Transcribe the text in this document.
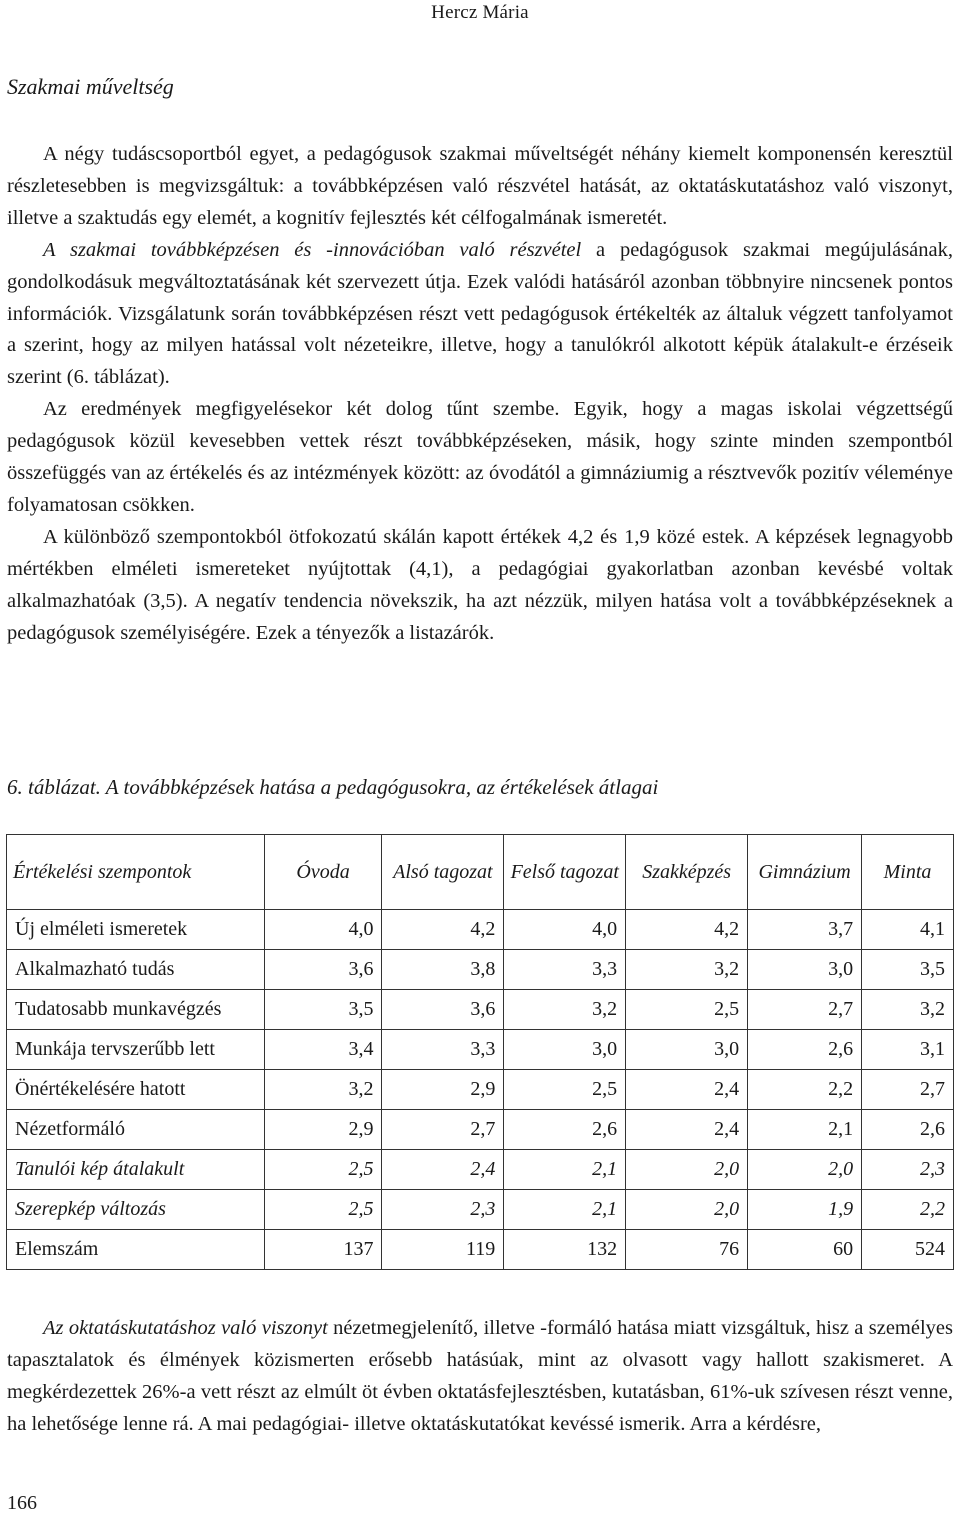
Hercz Mária
Szakmai műveltség

A négy tudáscsoportból egyet, a pedagógusok szakmai műveltségét néhány kiemelt komponensén keresztül részletesebben is megvizsgáltuk: a továbbképzésen való részvétel hatását, az oktatáskutatáshoz való viszonyt, illetve a szaktudás egy elemét, a kognitív fejlesztés két célfogalmának ismeretét.

A szakmai továbbképzésen és -innovációban való részvétel a pedagógusok szakmai megújulásának, gondolkodásuk megváltoztatásának két szervezett útja. Ezek valódi hatásáról azonban többnyire nincsenek pontos információk. Vizsgálatunk során továbbképzésen részt vett pedagógusok értékelték az általuk végzett tanfolyamot a szerint, hogy az milyen hatással volt nézeteikre, illetve, hogy a tanulókról alkotott képük átalakult-e érzéseik szerint (6. táblázat).

Az eredmények megfigyelésekor két dolog tűnt szembe. Egyik, hogy a magas iskolai végzettségű pedagógusok közül kevesebben vettek részt továbbképzéseken, másik, hogy szinte minden szempontból összefüggés van az értékelés és az intézmények között: az óvodától a gimnáziumig a résztvevők pozitív véleménye folyamatosan csökken.

A különböző szempontokból ötfokozatú skálán kapott értékek 4,2 és 1,9 közé estek. A képzések legnagyobb mértékben elméleti ismereteket nyújtottak (4,1), a pedagógiai gyakorlatban azonban kevésbé voltak alkalmazhatóak (3,5). A negatív tendencia növekszik, ha azt nézzük, milyen hatása volt a továbbképzéseknek a pedagógusok személyiségére. Ezek a tényezők a listazárók.

6. táblázat. A továbbképzések hatása a pedagógusokra, az értékelések átlagai
Értékelési szempontok	Óvoda	Alsó tagozat	Felső tagozat	Szakképzés	Gimnázium	Minta
Új elméleti ismeretek	4,0	4,2	4,0	4,2	3,7	4,1
Alkalmazható tudás	3,6	3,8	3,3	3,2	3,0	3,5
Tudatosabb munkavégzés	3,5	3,6	3,2	2,5	2,7	3,2
Munkája tervszerűbb lett	3,4	3,3	3,0	3,0	2,6	3,1
Önértékelésére hatott	3,2	2,9	2,5	2,4	2,2	2,7
Nézetformáló	2,9	2,7	2,6	2,4	2,1	2,6
Tanulói kép átalakult	2,5	2,4	2,1	2,0	2,0	2,3
Szerepkép változás	2,5	2,3	2,1	2,0	1,9	2,2
Elemszám	137	119	132	76	60	524

Az oktatáskutatáshoz való viszonyt nézetmegjelenítő, illetve -formáló hatása miatt vizsgáltuk, hisz a személyes tapasztalatok és élmények közismerten erősebb hatásúak, mint az olvasott vagy hallott szakismeret. A megkérdezettek 26%-a vett részt az elmúlt öt évben oktatásfejlesztésben, kutatásban, 61%-uk szívesen részt venne, ha lehetősége lenne rá. A mai pedagógiai- illetve oktatáskutatókat kevéssé ismerik. Arra a kérdésre,

166
